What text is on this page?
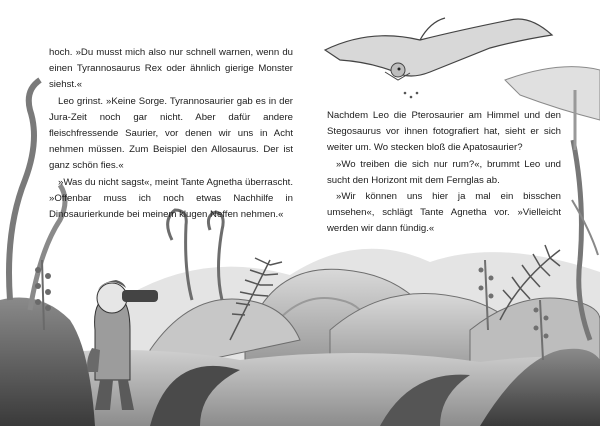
hoch. »Du musst mich also nur schnell warnen, wenn du einen Tyrannosaurus Rex oder ähnlich gierige Monster siehst.«

Leo grinst. »Keine Sorge. Tyrannosaurier gab es in der Jura-Zeit noch gar nicht. Aber dafür andere fleischfressende Saurier, vor denen wir uns in Acht nehmen müssen. Zum Beispiel den Allosaurus. Der ist ganz schön fies.«

»Was du nicht sagst«, meint Tante Agnetha überrascht. »Offenbar muss ich noch etwas Nachhilfe in Dinosaurierkunde bei meinem klugen Neffen nehmen.«

Nachdem Leo die Pterosaurier am Himmel und den Stegosaurus vor ihnen fotografiert hat, sieht er sich weiter um. Wo stecken bloß die Apatosaurier?

»Wo treiben die sich nur rum?«, brummt Leo und sucht den Horizont mit dem Fernglas ab.

»Wir können uns hier ja mal ein bisschen umsehen«, schlägt Tante Agnetha vor. »Vielleicht werden wir dann fündig.«
